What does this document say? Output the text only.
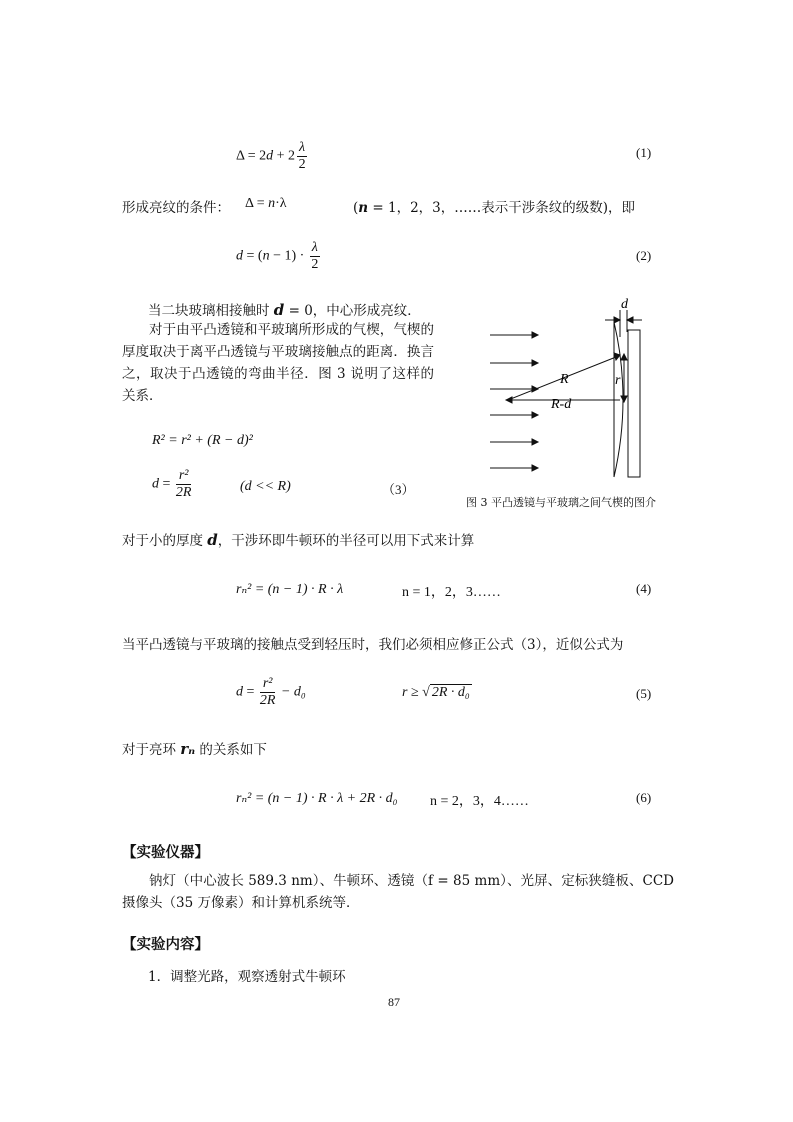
$\Delta = 2d + 2 \frac{\lambda}{2}$	(1)
形成亮纹的条件： Δ = n·λ	(n = 1，2，3，……表示干涉条纹的级数)，即
$d = (n - 1) \cdot \frac{\lambda}{2}$	(2)
当二块玻璃相接触时 d = 0，中心形成亮纹．
对于由平凸透镜和平玻璃所形成的气楔，气楔的厚度取决于离平凸透镜与平玻璃接触点的距离．换言之，取决于凸透镜的弯曲半径．图 3 说明了这样的关系．
R² = r² + (R − d)²
$d = \frac{\text{r²}}{2R}$	(d << R)	（3）
d
R	r
R-d
图 3 平凸透镜与平玻璃之间气楔的图介
对于小的厚度 d，干涉环即牛顿环的半径可以用下式来计算
rₙ² = (n − 1) · R · λ	n = 1，2，3……	(4)
当平凸透镜与平玻璃的接触点受到轻压时，我们必须相应修正公式（3），近似公式为
$d = \frac{\text{r²}}{2R} - d_0$	r ≥ √ 2R · d₀	(5)
对于亮环 rₙ 的关系如下
rₙ² = (n − 1) · R · λ + 2R · d₀ n = 2，3，4……	(6)
【实验仪器】
钠灯（中心波长 589.3 nm）、牛顿环、透镜（f = 85 mm）、光屏、定标狭缝板、CCD 摄像头（35 万像素）和计算机系统等．
【实验内容】
1．调整光路，观察透射式牛顿环
87
